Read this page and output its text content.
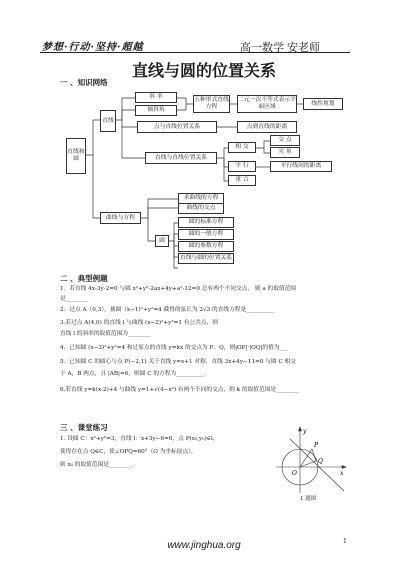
梦想·行动·坚持·超越	高一数学 安老师
直线与圆的位置关系
一 、知识网络
直线和圆
直线
斜 率
倾斜角
五种形式直线方程
二元一次不等式表示平面区域
线性规划
点与直线位置关系	点到直线的距离
直线与直线位置关系
相 交
交 点
夹 角
平 行	平行线间的距离
重 合
曲线与方程
求曲线的方程
曲线的交点
圆
圆的标准方程
圆的一般方程
圆的参数方程
直线与圆的位置关系
二 、典型例题
1．若直线 4x-3y-2=0 与圆 x²+y²-2ax+4y+a²-12=0 总有两个不同交点， 则 a 的取值范围
是________
2．过点 A（0,3），被圆（x−1)²+y²=4 截得的弦长为 2√3 的直线方程是__________
3.若过点 A(4,0) 的直线 l 与曲线 (x−2)²+y²=1 有公共点，则
直线 l 的斜率的取值范围为________
4．已知圆 (x−3)²+y²=4 和过原点的直线 y=kx 的交点为 P、Q，则|OP|·|OQ|的值为___
5．已知圆 C 的圆心与点 P(−2,1) 关于直线 y=x+1 对称．直线 3x+4y−11=0 与圆 C 相交
于 A，B 两点，且 |AB|=6，则圆 C 的方程为__________．
6.若直线 y=k(x-2)+4 与曲线 y=1+√(4−x²) 有两个不同的交点，则 k 的取值范围是________
三 、课堂练习
1. 设圆 C：x²+y²=3，直线 l：x+3y−6=0，点 P(x₀,y₀)∈l，
使得存在点 Q∈C，使∠OPQ=60°（O 为坐标原点），
则 x₀ 的取值范围是________．
y
x
O
P
Q
1 题图
www.jinghua.org	1
